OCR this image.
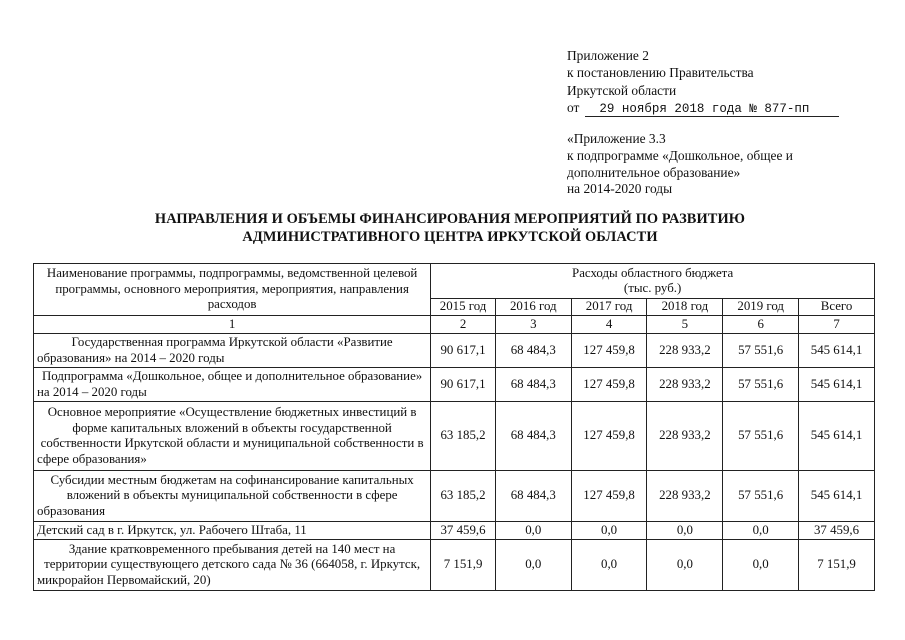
Приложение 2
к постановлению Правительства
Иркутской области
от	29 ноября 2018 года № 877-пп
«Приложение 3.3
к подпрограмме «Дошкольное, общее и
дополнительное образование»
на 2014-2020 годы
НАПРАВЛЕНИЯ И ОБЪЕМЫ ФИНАНСИРОВАНИЯ МЕРОПРИЯТИЙ ПО РАЗВИТИЮ
АДМИНИСТРАТИВНОГО ЦЕНТРА ИРКУТСКОЙ ОБЛАСТИ
Наименование программы, подпрограммы, ведомственной целевой программы, основного мероприятия, мероприятия, направления расходов	Расходы областного бюджета
(тыс. руб.)					

	2015 год	2016 год	2017 год	2018 год	2019 год	Всего
1	2	3	4	5	6	7
Государственная программа Иркутской области «Развитие образования» на 2014 – 2020 годы	90 617,1	68 484,3	127 459,8	228 933,2	57 551,6	545 614,1
Подпрограмма «Дошкольное, общее и дополнительное образование» на 2014 – 2020 годы	90 617,1	68 484,3	127 459,8	228 933,2	57 551,6	545 614,1
Основное мероприятие «Осуществление бюджетных инвестиций в форме капитальных вложений в объекты государственной собственности Иркутской области и муниципальной собственности в сфере образования»	63 185,2	68 484,3	127 459,8	228 933,2	57 551,6	545 614,1
Субсидии местным бюджетам на софинансирование капитальных вложений в объекты муниципальной собственности в сфере образования	63 185,2	68 484,3	127 459,8	228 933,2	57 551,6	545 614,1
Детский сад в г. Иркутск, ул. Рабочего Штаба, 11	37 459,6	0,0	0,0	0,0	0,0	37 459,6
Здание кратковременного пребывания детей на 140 мест на территории существующего детского сада № 36 (664058, г. Иркутск, микрорайон Первомайский, 20)	7 151,9	0,0	0,0	0,0	0,0	7 151,9
